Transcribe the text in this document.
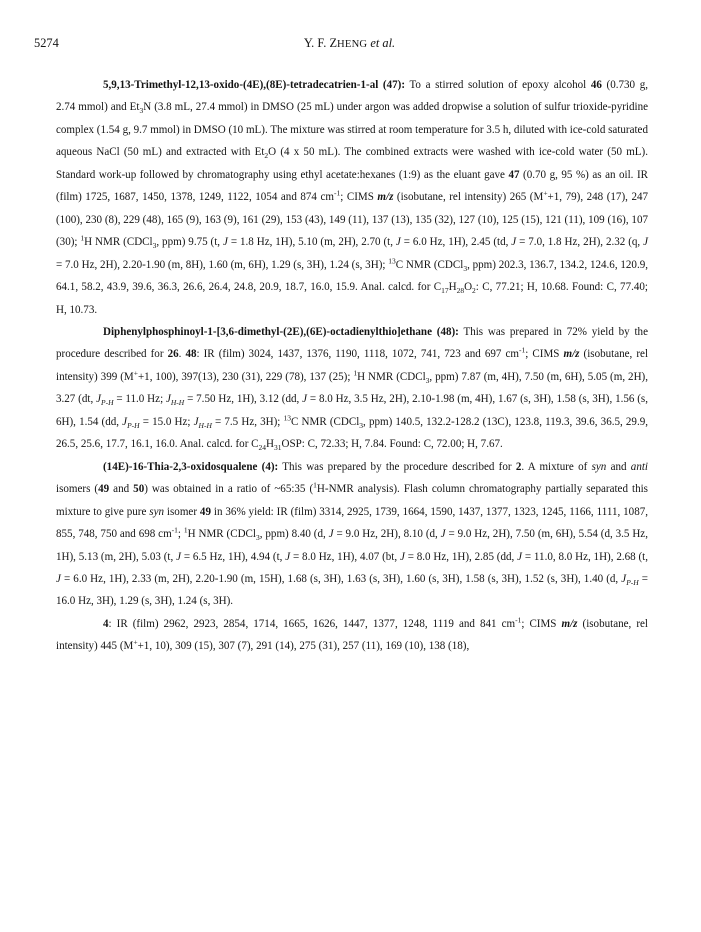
5274	Y. F. ZHENG et al.

5,9,13-Trimethyl-12,13-oxido-(4E),(8E)-tetradecatrien-1-al (47): To a stirred solution of epoxy alcohol 46 (0.730 g, 2.74 mmol) and $Et_3N$ (3.8 mL, 27.4 mmol) in DMSO (25 mL) under argon was added dropwise a solution of sulfur trioxide-pyridine complex (1.54 g, 9.7 mmol) in DMSO (10 mL). The mixture was stirred at room temperature for 3.5 h, diluted with ice-cold saturated aqueous NaCl (50 mL) and extracted with $Et_2O$ (4 x 50 mL). The combined extracts were washed with ice-cold water (50 mL). Standard work-up followed by chromatography using ethyl acetate:hexanes (1:9) as the eluant gave 47 (0.70 g, 95 %) as an oil. IR (film) 1725, 1687, 1450, 1378, 1249, 1122, 1054 and 874 $cm^{-1}$; CIMS m/z (isobutane, rel intensity) 265 (M++1, 79), 248 (17), 247 (100), 230 (8), 229 (48), 165 (9), 163 (9), 161 (29), 153 (43), 149 (11), 137 (13), 135 (32), 127 (10), 125 (15), 121 (11), 109 (16), 107 (30); $^1$H NMR (CDCl$_3$, ppm) 9.75 (t, J = 1.8 Hz, 1H), 5.10 (m, 2H), 2.70 (t, J = 6.0 Hz, 1H), 2.45 (td, J = 7.0, 1.8 Hz, 2H), 2.32 (q, J = 7.0 Hz, 2H), 2.20-1.90 (m, 8H), 1.60 (m, 6H), 1.29 (s, 3H), 1.24 (s, 3H); $^{13}$C NMR (CDCl$_3$, ppm) 202.3, 136.7, 134.2, 124.6, 120.9, 64.1, 58.2, 43.9, 39.6, 36.3, 26.6, 26.4, 24.8, 20.9, 18.7, 16.0, 15.9. Anal. calcd. for $C_{17}H_{28}O_2$: C, 77.21; H, 10.68. Found: C, 77.40; H, 10.73.

Diphenylphosphinoyl-1-[3,6-dimethyl-(2E),(6E)-octadienylthio]ethane (48): This was prepared in 72% yield by the procedure described for 26. 48: IR (film) 3024, 1437, 1376, 1190, 1118, 1072, 741, 723 and 697 $cm^{-1}$; CIMS m/z (isobutane, rel intensity) 399 (M++1, 100), 397(13), 230 (31), 229 (78), 137 (25); $^1$H NMR (CDCl$_3$, ppm) 7.87 (m, 4H), 7.50 (m, 6H), 5.05 (m, 2H), 3.27 (dt, $J_{P-H} = 11.0$ Hz; $J_{H-H} = 7.50$ Hz, 1H), 3.12 (dd, J = 8.0 Hz, 3.5 Hz, 2H), 2.10-1.98 (m, 4H), 1.67 (s, 3H), 1.58 (s, 3H), 1.56 (s, 6H), 1.54 (dd, $J_{P-H} = 15.0$ Hz; $J_{H-H} = 7.5$ Hz, 3H); $^{13}$C NMR (CDCl$_3$, ppm) 140.5, 132.2-128.2 (13C), 123.8, 119.3, 39.6, 36.5, 29.9, 26.5, 25.6, 17.7, 16.1, 16.0. Anal. calcd. for $C_{24}H_{31}OSP$: C, 72.33; H, 7.84. Found: C, 72.00; H, 7.67.

(14E)-16-Thia-2,3-oxidosqualene (4): This was prepared by the procedure described for 2. A mixture of syn and anti isomers (49 and 50) was obtained in a ratio of ~65:35 ($^1$H-NMR analysis). Flash column chromatography partially separated this mixture to give pure syn isomer 49 in 36% yield: IR (film) 3314, 2925, 1739, 1664, 1590, 1437, 1377, 1323, 1245, 1166, 1111, 1087, 855, 748, 750 and 698 $cm^{-1}$; $^1$H NMR (CDCl$_3$, ppm) 8.40 (d, J = 9.0 Hz, 2H), 8.10 (d, J = 9.0 Hz, 2H), 7.50 (m, 6H), 5.54 (d, 3.5 Hz, 1H), 5.13 (m, 2H), 5.03 (t, J = 6.5 Hz, 1H), 4.94 (t, J = 8.0 Hz, 1H), 4.07 (bt, J = 8.0 Hz, 1H), 2.85 (dd, J = 11.0, 8.0 Hz, 1H), 2.68 (t, J = 6.0 Hz, 1H), 2.33 (m, 2H), 2.20-1.90 (m, 15H), 1.68 (s, 3H), 1.63 (s, 3H), 1.60 (s, 3H), 1.58 (s, 3H), 1.52 (s, 3H), 1.40 (d, $J_{P-H} = 16.0$ Hz, 3H), 1.29 (s, 3H), 1.24 (s, 3H).

4: IR (film) 2962, 2923, 2854, 1714, 1665, 1626, 1447, 1377, 1248, 1119 and 841 $cm^{-1}$; CIMS m/z (isobutane, rel intensity) 445 (M++1, 10), 309 (15), 307 (7), 291 (14), 275 (31), 257 (11), 169 (10), 138 (18),
